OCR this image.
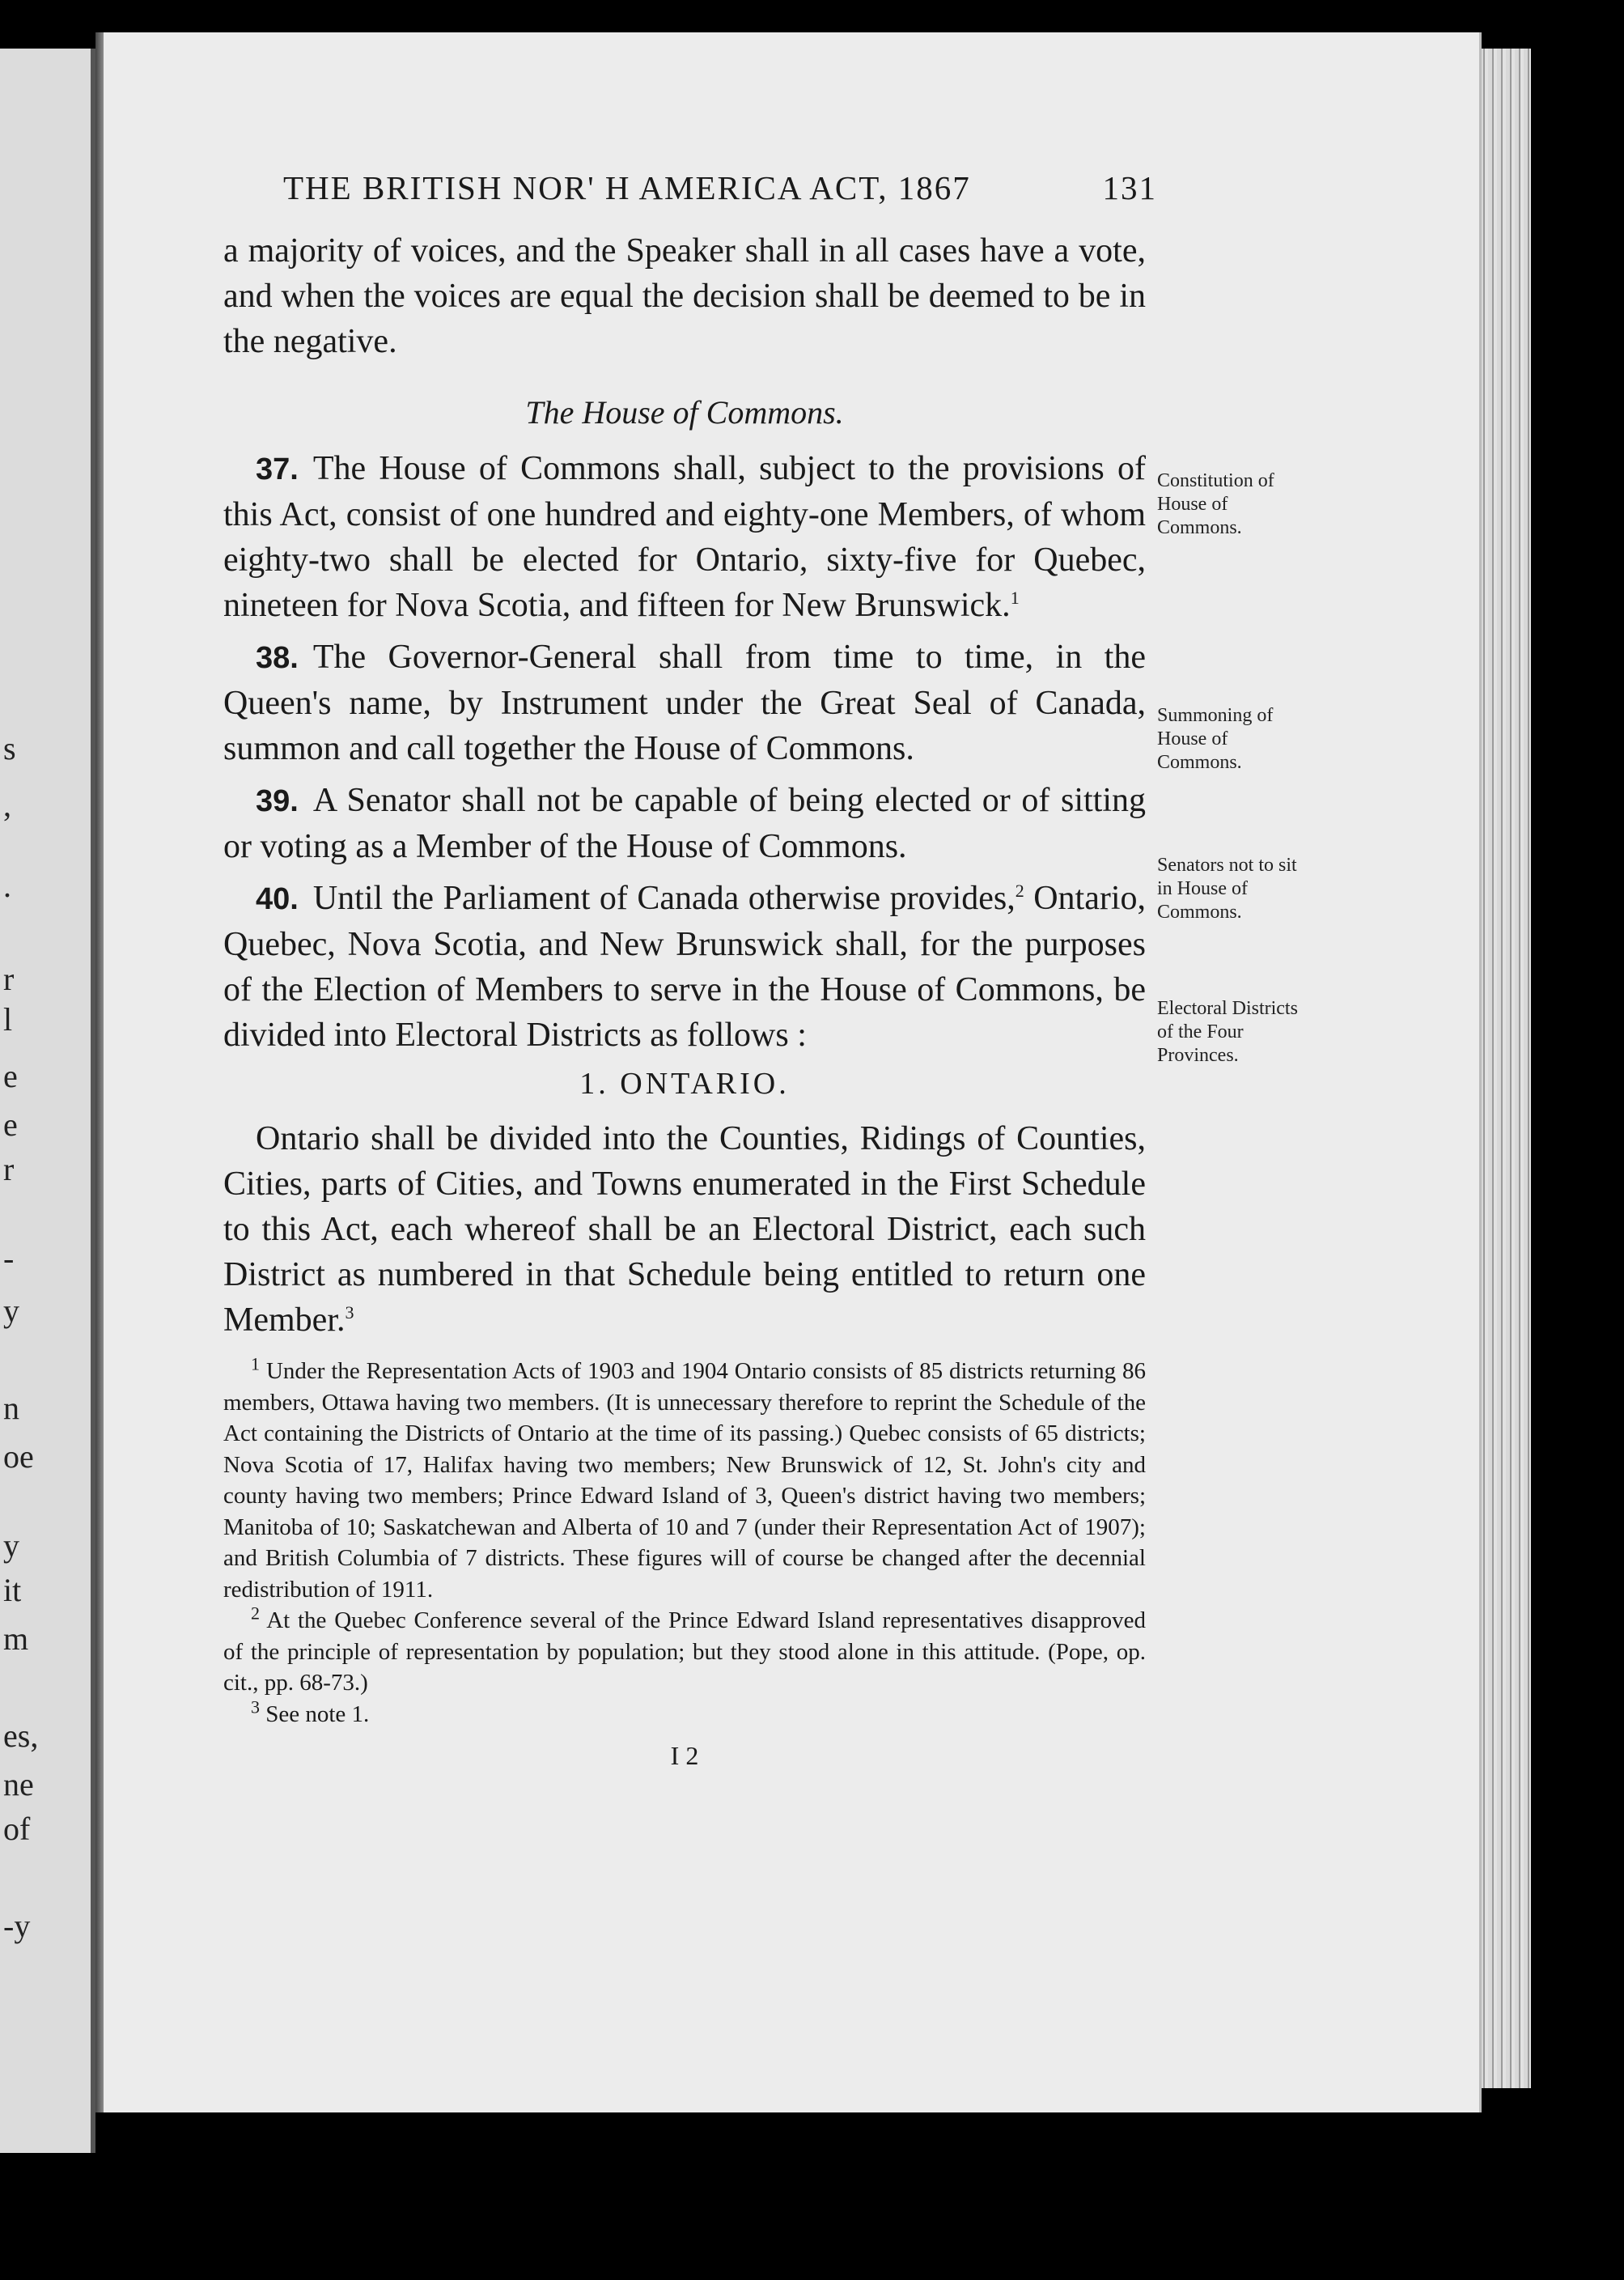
s
,
.
r
l
e
e
r
-
y
n
oe
y
it
m
es,
ne
of
-y
THE BRITISH NOR' H AMERICA ACT, 1867	131

a majority of voices, and the Speaker shall in all cases have a vote, and when the voices are equal the decision shall be deemed to be in the negative.

The House of Commons.

37. The House of Commons shall, subject to the provisions of this Act, consist of one hundred and eighty-one Members, of whom eighty-two shall be elected for Ontario, sixty-five for Quebec, nineteen for Nova Scotia, and fifteen for New Brunswick.$^1$

38. The Governor-General shall from time to time, in the Queen's name, by Instrument under the Great Seal of Canada, summon and call together the House of Commons.

39. A Senator shall not be capable of being elected or of sitting or voting as a Member of the House of Commons.

40. Until the Parliament of Canada otherwise provides,$^2$ Ontario, Quebec, Nova Scotia, and New Brunswick shall, for the purposes of the Election of Members to serve in the House of Commons, be divided into Electoral Districts as follows :

1. ONTARIO.

Ontario shall be divided into the Counties, Ridings of Counties, Cities, parts of Cities, and Towns enumerated in the First Schedule to this Act, each whereof shall be an Electoral District, each such District as numbered in that Schedule being entitled to return one Member.$^3$

$^1$ Under the Representation Acts of 1903 and 1904 Ontario consists of 85 districts returning 86 members, Ottawa having two members. (It is unnecessary therefore to reprint the Schedule of the Act containing the Districts of Ontario at the time of its passing.) Quebec consists of 65 districts; Nova Scotia of 17, Halifax having two members; New Brunswick of 12, St. John's city and county having two members; Prince Edward Island of 3, Queen's district having two members; Manitoba of 10; Saskatchewan and Alberta of 10 and 7 (under their Representation Act of 1907); and British Columbia of 7 districts. These figures will of course be changed after the decennial redistribution of 1911.

$^2$ At the Quebec Conference several of the Prince Edward Island representatives disapproved of the principle of representation by population; but they stood alone in this attitude. (Pope, op. cit., pp. 68-73.)

$^3$ See note 1.

I 2
Constitution of House of Commons.
Summoning of House of Commons.
Senators not to sit in House of Commons.
Electoral Districts of the Four Provinces.
